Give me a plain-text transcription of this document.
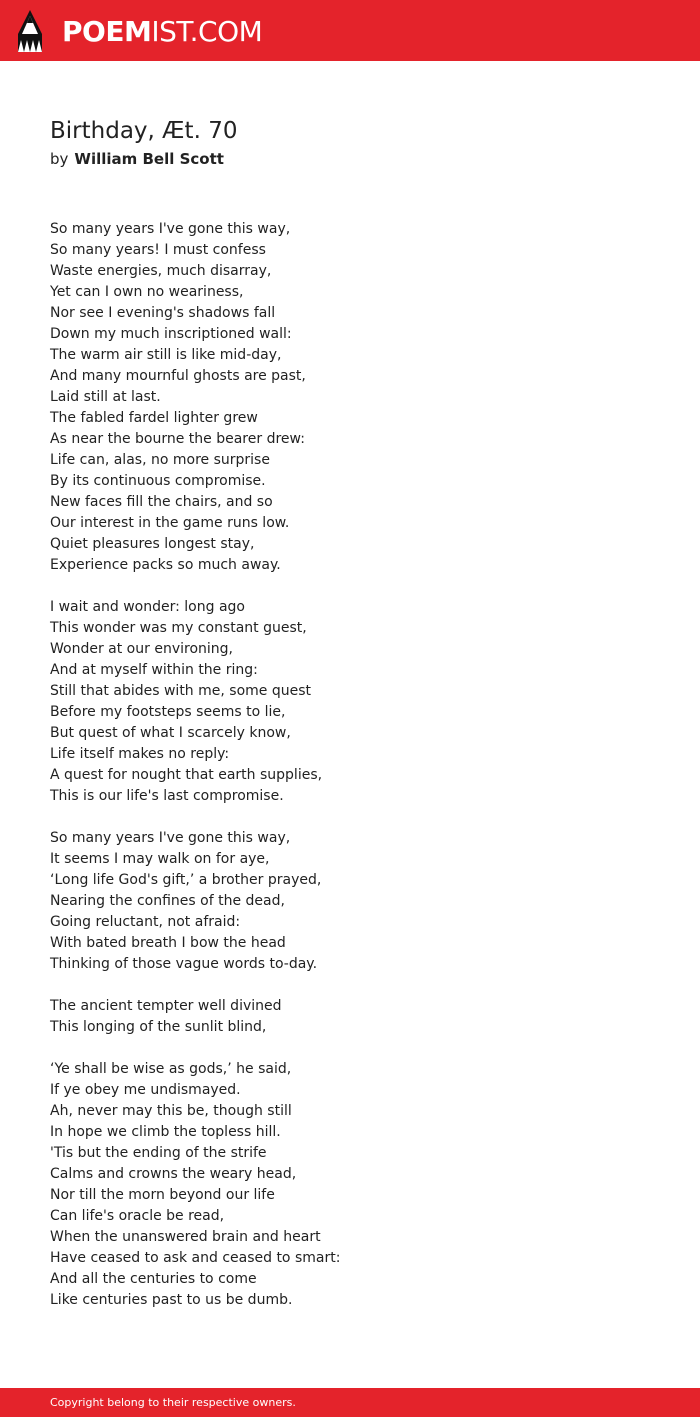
POEMIST.COM
Birthday, Æt. 70
by William Bell Scott
So many years I've gone this way,
So many years! I must confess
Waste energies, much disarray,
Yet can I own no weariness,
Nor see I evening's shadows fall
Down my much inscriptioned wall:
The warm air still is like mid-day,
And many mournful ghosts are past,
Laid still at last.
The fabled fardel lighter grew
As near the bourne the bearer drew:
Life can, alas, no more surprise
By its continuous compromise.
New faces fill the chairs, and so
Our interest in the game runs low.
Quiet pleasures longest stay,
Experience packs so much away.
I wait and wonder: long ago
This wonder was my constant guest,
Wonder at our environing,
And at myself within the ring:
Still that abides with me, some quest
Before my footsteps seems to lie,
But quest of what I scarcely know,
Life itself makes no reply:
A quest for nought that earth supplies,
This is our life's last compromise.
So many years I've gone this way,
It seems I may walk on for aye,
‘Long life God's gift,’ a brother prayed,
Nearing the confines of the dead,
Going reluctant, not afraid:
With bated breath I bow the head
Thinking of those vague words to-day.
The ancient tempter well divined
This longing of the sunlit blind,
‘Ye shall be wise as gods,’ he said,
If ye obey me undismayed.
Ah, never may this be, though still
In hope we climb the topless hill.
'Tis but the ending of the strife
Calms and crowns the weary head,
Nor till the morn beyond our life
Can life's oracle be read,
When the unanswered brain and heart
Have ceased to ask and ceased to smart:
And all the centuries to come
Like centuries past to us be dumb.
Copyright belong to their respective owners.
